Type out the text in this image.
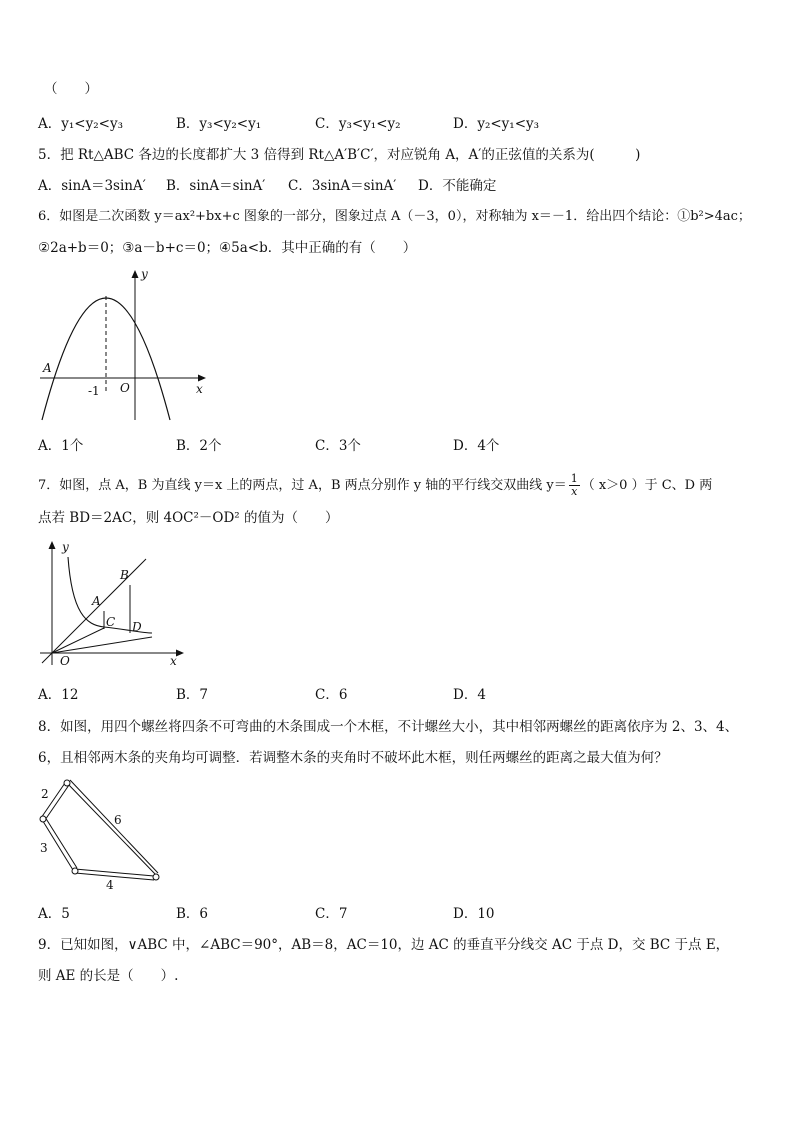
（　　）
A．y₁<y₂<y₃	B．y₃<y₂<y₁	C．y₃<y₁<y₂	D．y₂<y₁<y₃
5．把 Rt△ABC 各边的长度都扩大 3 倍得到 Rt△A′B′C′，对应锐角 A，A′的正弦值的关系为(　　　)
A．sinA＝3sinA′ B．sinA＝sinA′ C．3sinA＝sinA′ D．不能确定
6．如图是二次函数 y＝ax²+bx+c 图象的一部分，图象过点 A（－3，0），对称轴为 x＝－1．给出四个结论：①b²>4ac；
②2a+b＝0；③a－b+c＝0；④5a<b．其中正确的有（　　）
A
-1 O	x
y
A．1个	B．2个	C．3个	D．4个
7．如图，点 A，B 为直线 y＝x 上的两点，过 A，B 两点分别作 y 轴的平行线交双曲线 $y= \frac{1}{x}$ （ x＞0 ）于 C、D 两
点若 BD＝2AC，则 4OC²－OD² 的值为（　　）
A
B
C D
O	x
y
A．12	B．7	C．6	D．4
8．如图，用四个螺丝将四条不可弯曲的木条围成一个木框，不计螺丝大小，其中相邻两螺丝的距离依序为 2、3、4、
6，且相邻两木条的夹角均可调整．若调整木条的夹角时不破坏此木框，则任两螺丝的距离之最大值为何？
2
3
4
6
A．5	B．6	C．7	D．10
9．已知如图，∨ABC 中，∠ABC＝90°，AB＝8，AC＝10，边 AC 的垂直平分线交 AC 于点 D，交 BC 于点 E，
则 AE 的长是（　　）.
